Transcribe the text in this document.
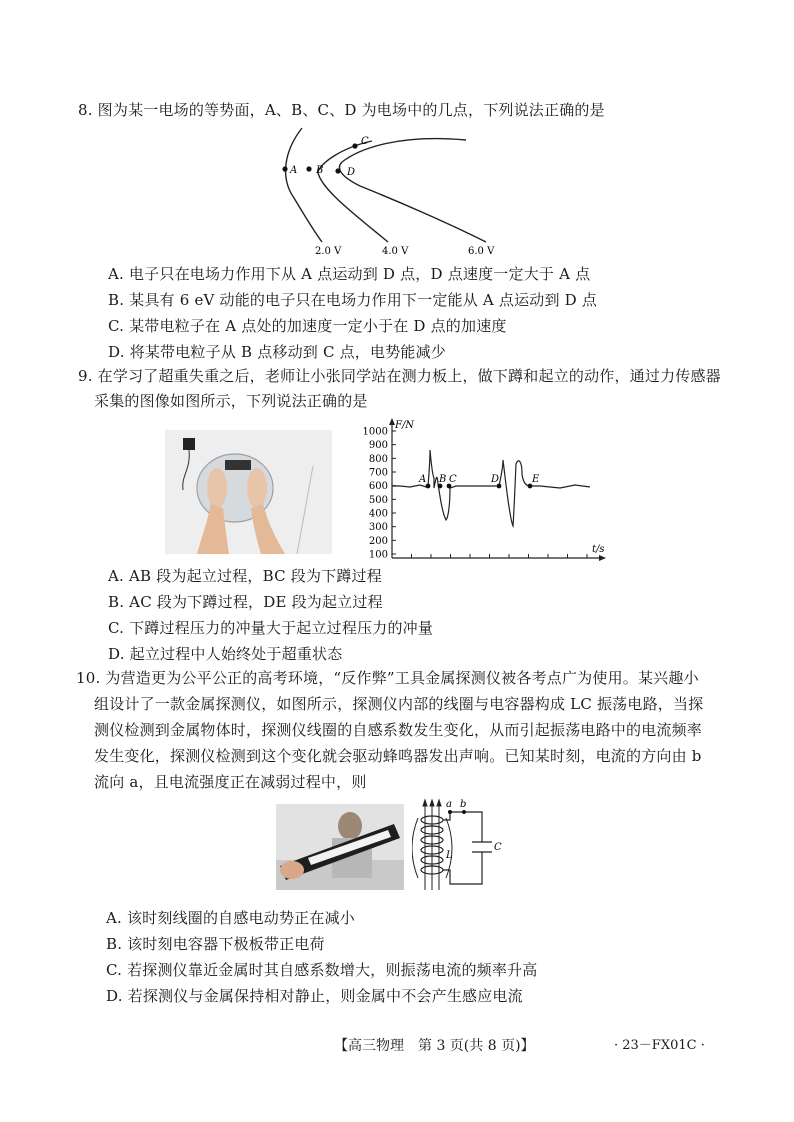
8. 图为某一电场的等势面，A、B、C、D 为电场中的几点，下列说法正确的是
A B
C
D
2.0 V	4.0 V	6.0 V
A. 电子只在电场力作用下从 A 点运动到 D 点，D 点速度一定大于 A 点
B. 某具有 6 eV 动能的电子只在电场力作用下一定能从 A 点运动到 D 点
C. 某带电粒子在 A 点处的加速度一定小于在 D 点的加速度
D. 将某带电粒子从 B 点移动到 C 点，电势能减少
9. 在学习了超重失重之后，老师让小张同学站在测力板上，做下蹲和起立的动作，通过力传感器
采集的图像如图所示，下列说法正确的是
100
200
300
400
500
600
700
800
900
1000
F/N
t/s
A B C	D	E
A. AB 段为起立过程，BC 段为下蹲过程
B. AC 段为下蹲过程，DE 段为起立过程
C. 下蹲过程压力的冲量大于起立过程压力的冲量
D. 起立过程中人始终处于超重状态
10. 为营造更为公平公正的高考环境，“反作弊”工具金属探测仪被各考点广为使用。某兴趣小
组设计了一款金属探测仪，如图所示，探测仪内部的线圈与电容器构成 LC 振荡电路，当探
测仪检测到金属物体时，探测仪线圈的自感系数发生变化，从而引起振荡电路中的电流频率
发生变化，探测仪检测到这个变化就会驱动蜂鸣器发出声响。已知某时刻，电流的方向由 b
流向 a，且电流强度正在减弱过程中，则
a b
L
C
A. 该时刻线圈的自感电动势正在减小
B. 该时刻电容器下极板带正电荷
C. 若探测仪靠近金属时其自感系数增大，则振荡电流的频率升高
D. 若探测仪与金属保持相对静止，则金属中不会产生感应电流
【高三物理　第 3 页(共 8 页)】	· 23－FX01C ·
